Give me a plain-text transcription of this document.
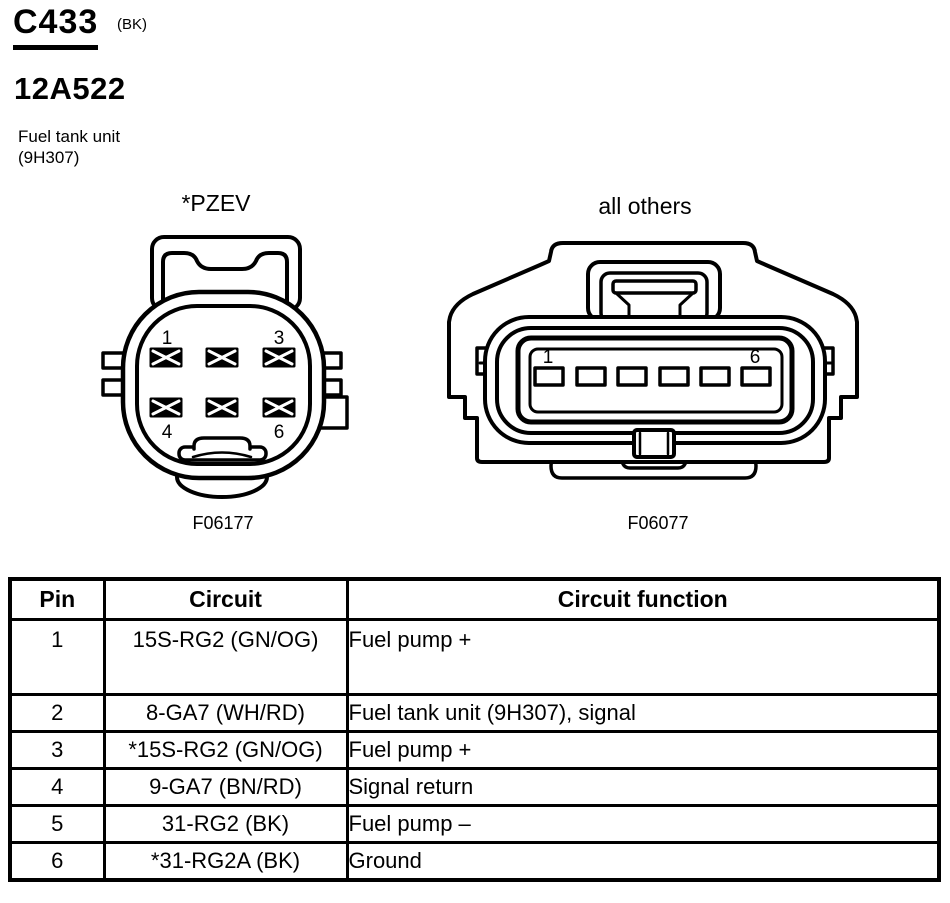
C433 (BK)
12A522
Fuel tank unit
(9H307)
*PZEV
1	3
4	6
F06177
all others
1	6
F06077
Pin	Circuit	Circuit function
1	15S-RG2 (GN/OG)	Fuel pump +
2	8-GA7 (WH/RD)	Fuel tank unit (9H307), signal
3	*15S-RG2 (GN/OG)	Fuel pump +
4	9-GA7 (BN/RD)	Signal return
5	31-RG2 (BK)	Fuel pump –
6	*31-RG2A (BK)	Ground
